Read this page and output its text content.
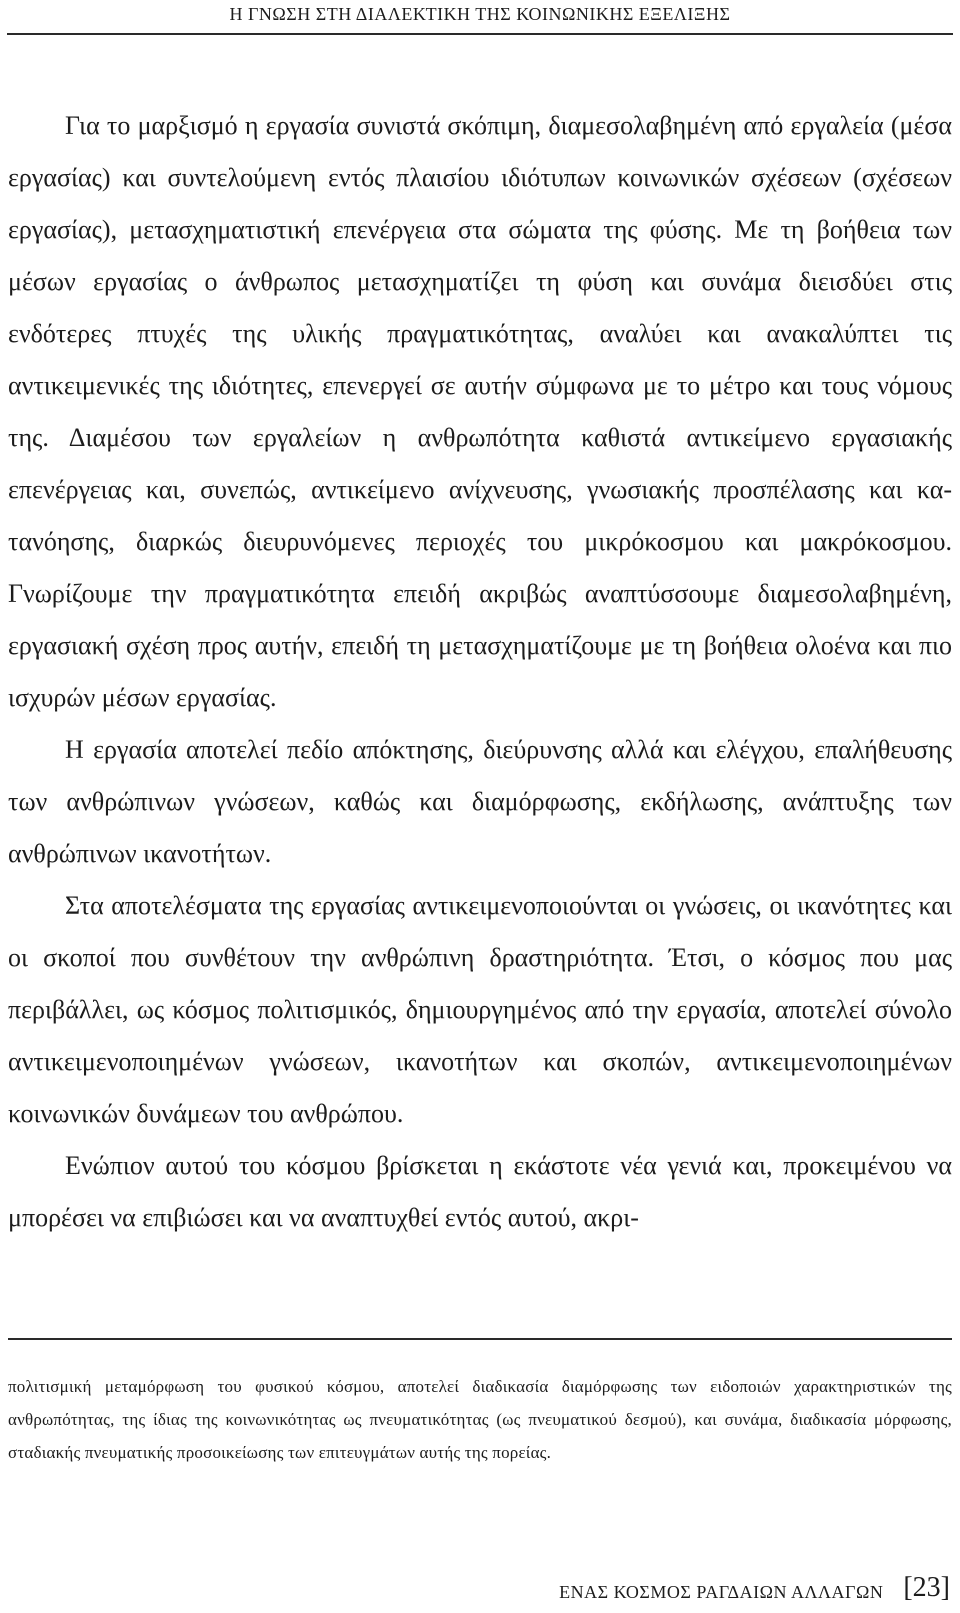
Η ΓΝΩΣΗ ΣΤΗ ΔΙΑΛΕΚΤΙΚΗ ΤΗΣ ΚΟΙΝΩΝΙΚΗΣ ΕΞΕΛΙΞΗΣ

Για το μαρξισμό η εργασία συνιστά σκόπιμη, διαμεσολαβημένη από εργαλεία (μέσα εργασίας) και συντελούμενη εντός πλαισίου ιδιότυπων κοινωνικών σχέσεων (σχέσεων εργασίας), μετασχηματιστική επενέργεια στα σώματα της φύσης. Με τη βοήθεια των μέσων εργασίας ο άνθρωπος μετασχηματίζει τη φύση και συνάμα διεισδύει στις ενδότερες πτυχές της υλικής πραγματικότητας, αναλύει και ανακαλύπτει τις αντικειμενικές της ιδιότητες, επενεργεί σε αυτήν σύμφωνα με το μέτρο και τους νόμους της. Διαμέσου των εργαλείων η ανθρωπότητα καθιστά αντικείμενο εργασιακής επενέργειας και, συνεπώς, αντικείμενο ανίχνευσης, γνωσιακής προσπέλασης και κατανόησης, διαρκώς διευρυνόμενες περιοχές του μικρόκοσμου και μακρόκοσμου. Γνωρίζουμε την πραγματικότητα επειδή ακριβώς αναπτύσσουμε διαμεσολαβημένη, εργασιακή σχέση προς αυτήν, επειδή τη μετασχηματίζουμε με τη βοήθεια ολοένα και πιο ισχυρών μέσων εργασίας.

Η εργασία αποτελεί πεδίο απόκτησης, διεύρυνσης αλλά και ελέγχου, επαλήθευσης των ανθρώπινων γνώσεων, καθώς και διαμόρφωσης, εκδήλωσης, ανάπτυξης των ανθρώπινων ικανοτήτων.

Στα αποτελέσματα της εργασίας αντικειμενοποιούνται οι γνώσεις, οι ικανότητες και οι σκοποί που συνθέτουν την ανθρώπινη δραστηριότητα. Έτσι, ο κόσμος που μας περιβάλλει, ως κόσμος πολιτισμικός, δημιουργημένος από την εργασία, αποτελεί σύνολο αντικειμενοποιημένων γνώσεων, ικανοτήτων και σκοπών, αντικειμενοποιημένων κοινωνικών δυνάμεων του ανθρώπου.

Ενώπιον αυτού του κόσμου βρίσκεται η εκάστοτε νέα γενιά και, προκειμένου να μπορέσει να επιβιώσει και να αναπτυχθεί εντός αυτού, ακρι-

πολιτισμική μεταμόρφωση του φυσικού κόσμου, αποτελεί διαδικασία διαμόρφωσης των ειδοποιών χαρακτηριστικών της ανθρωπότητας, της ίδιας της κοινωνικότητας ως πνευματικότητας (ως πνευματικού δεσμού), και συνάμα, διαδικασία μόρφωσης, σταδιακής πνευματικής προσοικείωσης των επιτευγμάτων αυτής της πορείας.

ΕΝΑΣ ΚΟΣΜΟΣ ΡΑΓΔΑΙΩΝ ΑΛΛΑΓΩΝ [23]
